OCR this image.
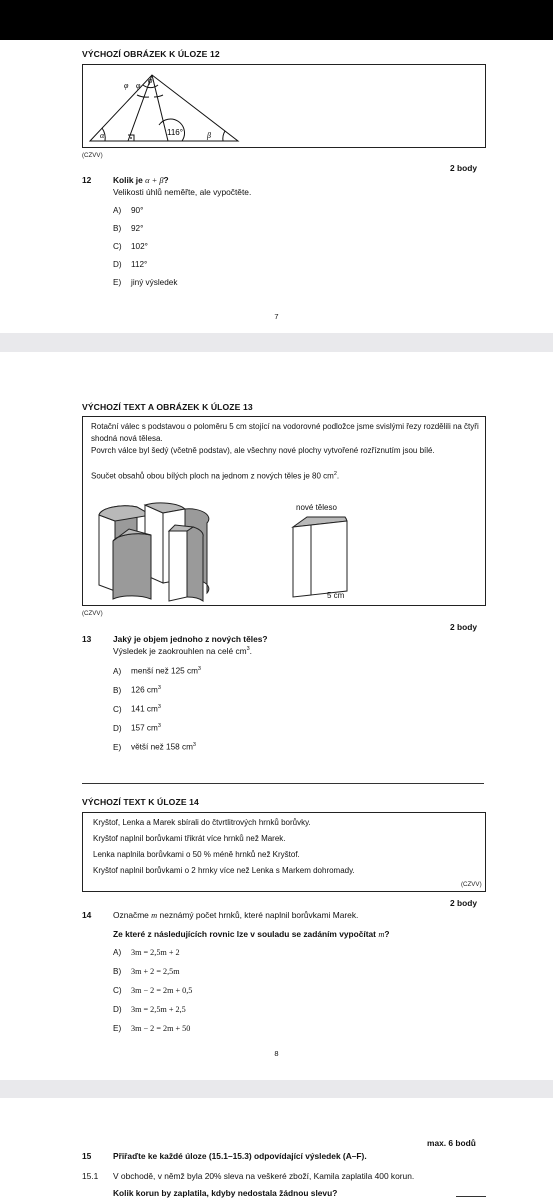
VÝCHOZÍ OBRÁZEK K ÚLOZE 12
φ φ
φ
α	β
116°
(CZVV)
2 body
12	Kolik je α + β?
Velikosti úhlů neměřte, ale vypočtěte.
A) 90°
B) 92°
C) 102°
D) 112°
E) jiný výsledek
7
VÝCHOZÍ TEXT A OBRÁZEK K ÚLOZE 13
Rotační válec s podstavou o poloměru 5 cm stojící na vodorovné podložce jsme svislými řezy rozdělili na čtyři shodná nová tělesa.
Povrch válce byl šedý (včetně podstav), ale všechny nové plochy vytvořené rozříznutím jsou bílé.
Součet obsahů obou bílých ploch na jednom z nových těles je 80 $cm^2$.
nové těleso
5 cm
(CZVV)
2 body
13	Jaký je objem jednoho z nových těles?
Výsledek je zaokrouhlen na celé $cm^3$.
A) menší než 125 $cm^3$
B) 126 $cm^3$
C) 141 $cm^3$
D) 157 $cm^3$
E) větší než 158 $cm^3$
VÝCHOZÍ TEXT K ÚLOZE 14
Kryštof, Lenka a Marek sbírali do čtvrtlitrových hrnků borůvky.
Kryštof naplnil borůvkami třikrát více hrnků než Marek.
Lenka naplnila borůvkami o 50 % méně hrnků než Kryštof.
Kryštof naplnil borůvkami o 2 hrnky více než Lenka s Markem dohromady.
(CZVV)
2 body
14	Označme m neznámý počet hrnků, které naplnil borůvkami Marek.
Ze které z následujících rovnic lze v souladu se zadáním vypočítat m?
A) 3m = 2,5m + 2
B) 3m + 2 = 2,5m
C) 3m − 2 = 2m + 0,5
D) 3m = 2,5m + 2,5
E) 3m − 2 = 2m + 50
8
max. 6 bodů
15	Přiřaďte ke každé úloze (15.1–15.3) odpovídající výsledek (A–F).
15.1 V obchodě, v němž byla 20% sleva na veškeré zboží, Kamila zaplatila 400 korun.
Kolik korun by zaplatila, kdyby nedostala žádnou slevu?
